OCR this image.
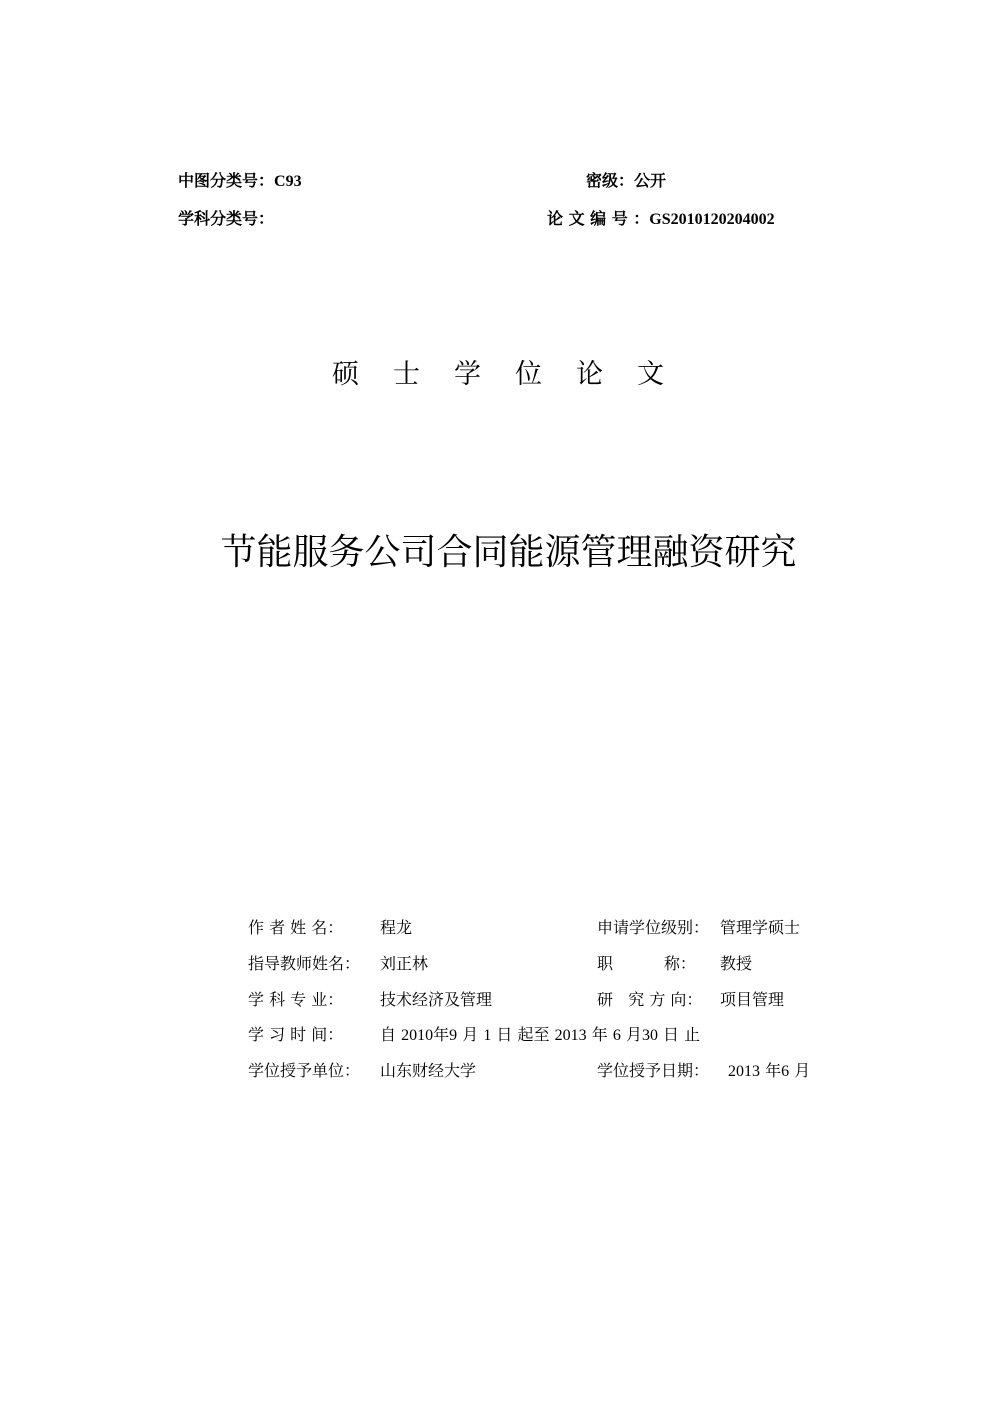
中图分类号：C93	密级：公开
学科分类号：	论 文 编 号 ：GS2010120204002
硕士学位论文
节能服务公司合同能源管理融资研究
作 者 姓 名： 程龙	申请学位级别： 管理学硕士
指导教师姓名： 刘正林	职          称： 教授
学 科 专 业： 技术经济及管理	研   究 方 向： 项目管理
学 习 时 间： 自 2010年9 月 1 日 起至 2013 年 6 月30 日 止
学位授予单位： 山东财经大学	学位授予日期： 2013 年6 月
